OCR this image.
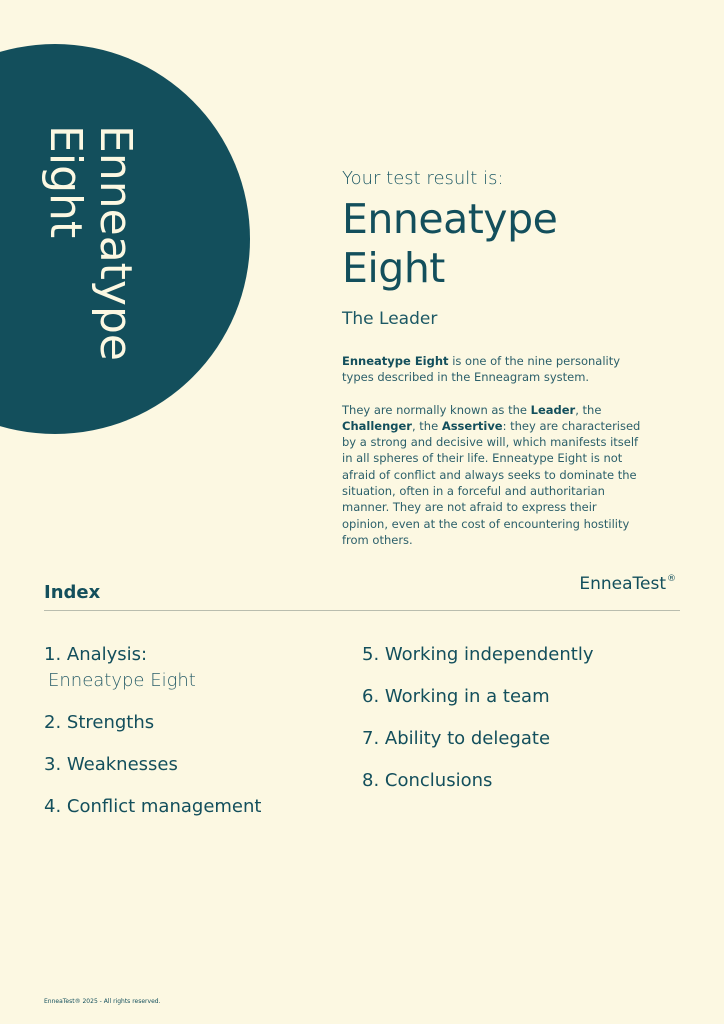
Enneatype
Eight	Your test result is:
Enneatype
Eight
The Leader

Enneatype Eight is one of the nine personality types described in the Enneagram system.

They are normally known as the Leader, the Challenger, the Assertive: they are characterised by a strong and decisive will, which manifests itself in all spheres of their life. Enneatype Eight is not afraid of conflict and always seeks to dominate the situation, often in a forceful and authoritarian manner. They are not afraid to express their opinion, even at the cost of encountering hostility from others.

Index	EnneaTest®
1. Analysis:
Enneatype Eight
2. Strengths
3. Weaknesses
4. Conflict management
5. Working independently
6. Working in a team
7. Ability to delegate
8. Conclusions
EnneaTest® 2025 - All rights reserved.
